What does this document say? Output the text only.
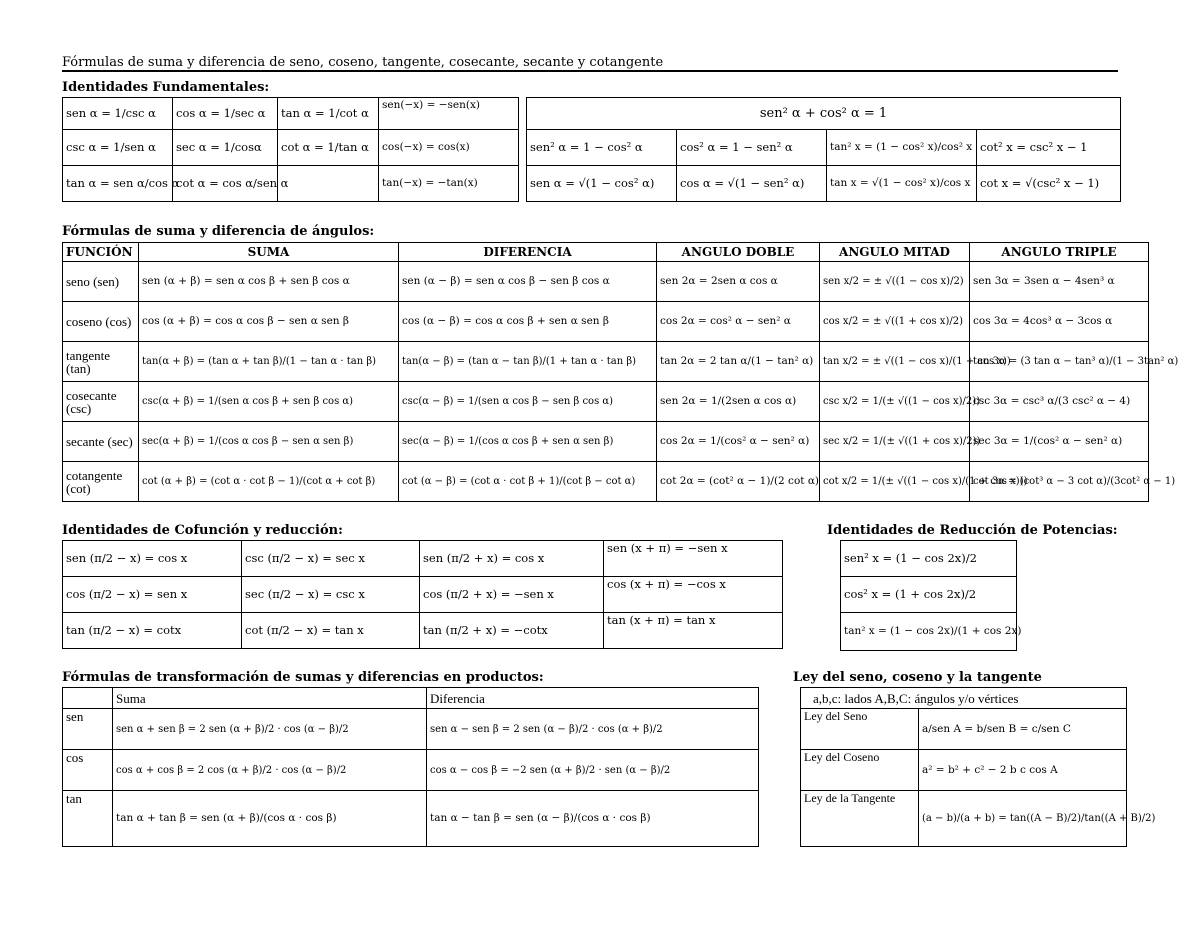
Fórmulas de suma y diferencia de seno, coseno, tangente, cosecante, secante y cotangente
Identidades Fundamentales:
sen α = 1/csc α	cos α = 1/sec α	tan α = 1/cot α	sen(−x) = −sen(x)
csc α = 1/sen α	sec α = 1/cosα	cot α = 1/tan α	cos(−x) = cos(x)
tan α = sen α/cos α	cot α = cos α/sen α		tan(−x) = −tan(x)
sen² α + cos² α = 1			
sen² α = 1 − cos² α	cos² α = 1 − sen² α	tan² x = (1 − cos² x)/cos² x	cot² x = csc² x − 1
sen α = √(1 − cos² α)	cos α = √(1 − sen² α)	tan x = √(1 − cos² x)/cos x	cot x = √(csc² x − 1)
Fórmulas de suma y diferencia de ángulos:
FUNCIÓN	SUMA	DIFERENCIA	ANGULO DOBLE	ANGULO MITAD	ANGULO TRIPLE
seno (sen)	sen (α + β) = sen α cos β + sen β cos α	sen (α − β) = sen α cos β − sen β cos α	sen 2α = 2sen α cos α	sen x/2 = ± √((1 − cos x)/2)	sen 3α = 3sen α − 4sen³ α
coseno (cos)	cos (α + β) = cos α cos β − sen α sen β	cos (α − β) = cos α cos β + sen α sen β	cos 2α = cos² α − sen² α	cos x/2 = ± √((1 + cos x)/2)	cos 3α = 4cos³ α − 3cos α
tangente (tan)	tan(α + β) = (tan α + tan β)/(1 − tan α · tan β)	tan(α − β) = (tan α − tan β)/(1 + tan α · tan β)	tan 2α = 2 tan α/(1 − tan² α)	tan x/2 = ± √((1 − cos x)/(1 + cos x))	tan 3α = (3 tan α − tan³ α)/(1 − 3tan² α)
cosecante (csc)	csc(α + β) = 1/(sen α cos β + sen β cos α)	csc(α − β) = 1/(sen α cos β − sen β cos α)	sen 2α = 1/(2sen α cos α)	csc x/2 = 1/(± √((1 − cos x)/2))	csc 3α = csc³ α/(3 csc² α − 4)
secante (sec)	sec(α + β) = 1/(cos α cos β − sen α sen β)	sec(α − β) = 1/(cos α cos β + sen α sen β)	cos 2α = 1/(cos² α − sen² α)	sec x/2 = 1/(± √((1 + cos x)/2))	sec 3α = 1/(cos² α − sen² α)
cotangente (cot)	cot (α + β) = (cot α · cot β − 1)/(cot α + cot β)	cot (α − β) = (cot α · cot β + 1)/(cot β − cot α)	cot 2α = (cot² α − 1)/(2 cot α)	cot x/2 = 1/(± √((1 − cos x)/(1 + cos x)))	cot 3α = (cot³ α − 3 cot α)/(3cot² α − 1)
Identidades de Cofunción y reducción:
sen (π/2 − x) = cos x	csc (π/2 − x) = sec x	sen (π/2 + x) = cos x	sen (x + π) = −sen x
cos (π/2 − x) = sen x	sec (π/2 − x) = csc x	cos (π/2 + x) = −sen x	cos (x + π) = −cos x
tan (π/2 − x) = cotx	cot (π/2 − x) = tan x	tan (π/2 + x) = −cotx	tan (x + π) = tan x
Identidades de Reducción de Potencias:
sen² x = (1 − cos 2x)/2
cos² x = (1 + cos 2x)/2
tan² x = (1 − cos 2x)/(1 + cos 2x)
Fórmulas de transformación de sumas y diferencias en productos:
	Suma	Diferencia
sen	sen α + sen β = 2 sen (α + β)/2 · cos (α − β)/2	sen α − sen β = 2 sen (α − β)/2 · cos (α + β)/2
cos	cos α + cos β = 2 cos (α + β)/2 · cos (α − β)/2	cos α − cos β = −2 sen (α + β)/2 · sen (α − β)/2
tan	tan α + tan β = sen (α + β)/(cos α · cos β)	tan α − tan β = sen (α − β)/(cos α · cos β)
Ley del seno, coseno y la tangente
a,b,c: lados A,B,C: ángulos y/o vértices	
Ley del Seno	a/sen A = b/sen B = c/sen C
Ley del Coseno	a² = b² + c² − 2 b c cos A
Ley de la Tangente	(a − b)/(a + b) = tan((A − B)/2)/tan((A + B)/2)
